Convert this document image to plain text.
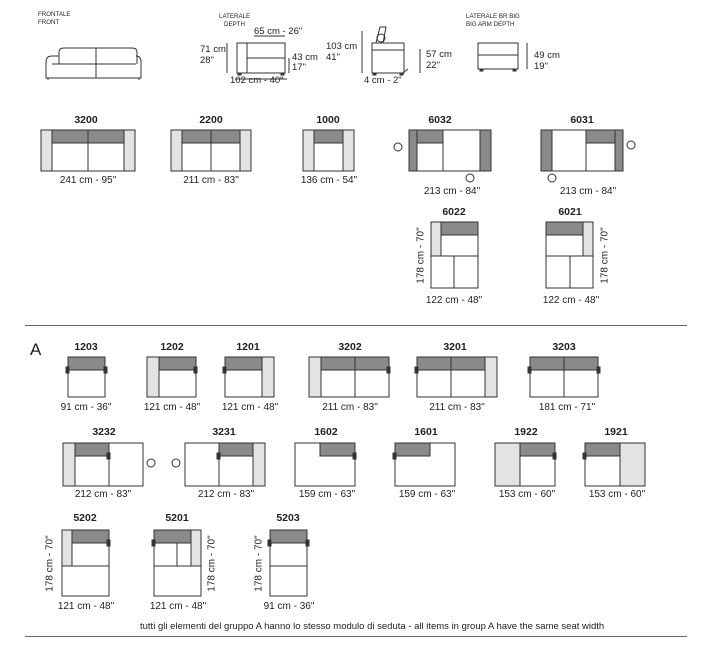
FRONTALE
FRONT
LATERALE
DEPTH
LATERALE BR BIG
BIG ARM DEPTH
65 cm - 26"
71 cm
28"	43 cm
17"
102 cm - 40"
103 cm
41"	57 cm
22"
4 cm - 2"
49 cm
19"
3200
241 cm - 95"
2200
211 cm - 83"
1000
136 cm - 54"
6032
213 cm - 84"
6031
213 cm - 84"
6022
122 cm - 48"
178 cm - 70"
6021
122 cm - 48"
178 cm - 70"
A	1203
91 cm - 36"
1202
121 cm - 48"
1201
121 cm - 48"
3202
211 cm - 83"
3201
211 cm - 83"
3203
181 cm - 71"
3232
212 cm - 83"
3231
212 cm - 83"
1602
159 cm - 63"
1601
159 cm - 63"
1922
153 cm - 60"
1921
153 cm - 60"
5202
121 cm - 48"
178 cm - 70"
5201
121 cm - 48"
178 cm - 70"
5203
91 cm - 36"
178 cm - 70"
tutti gli elementi del gruppo A hanno lo stesso modulo di seduta - all items in group A have the same seat width
